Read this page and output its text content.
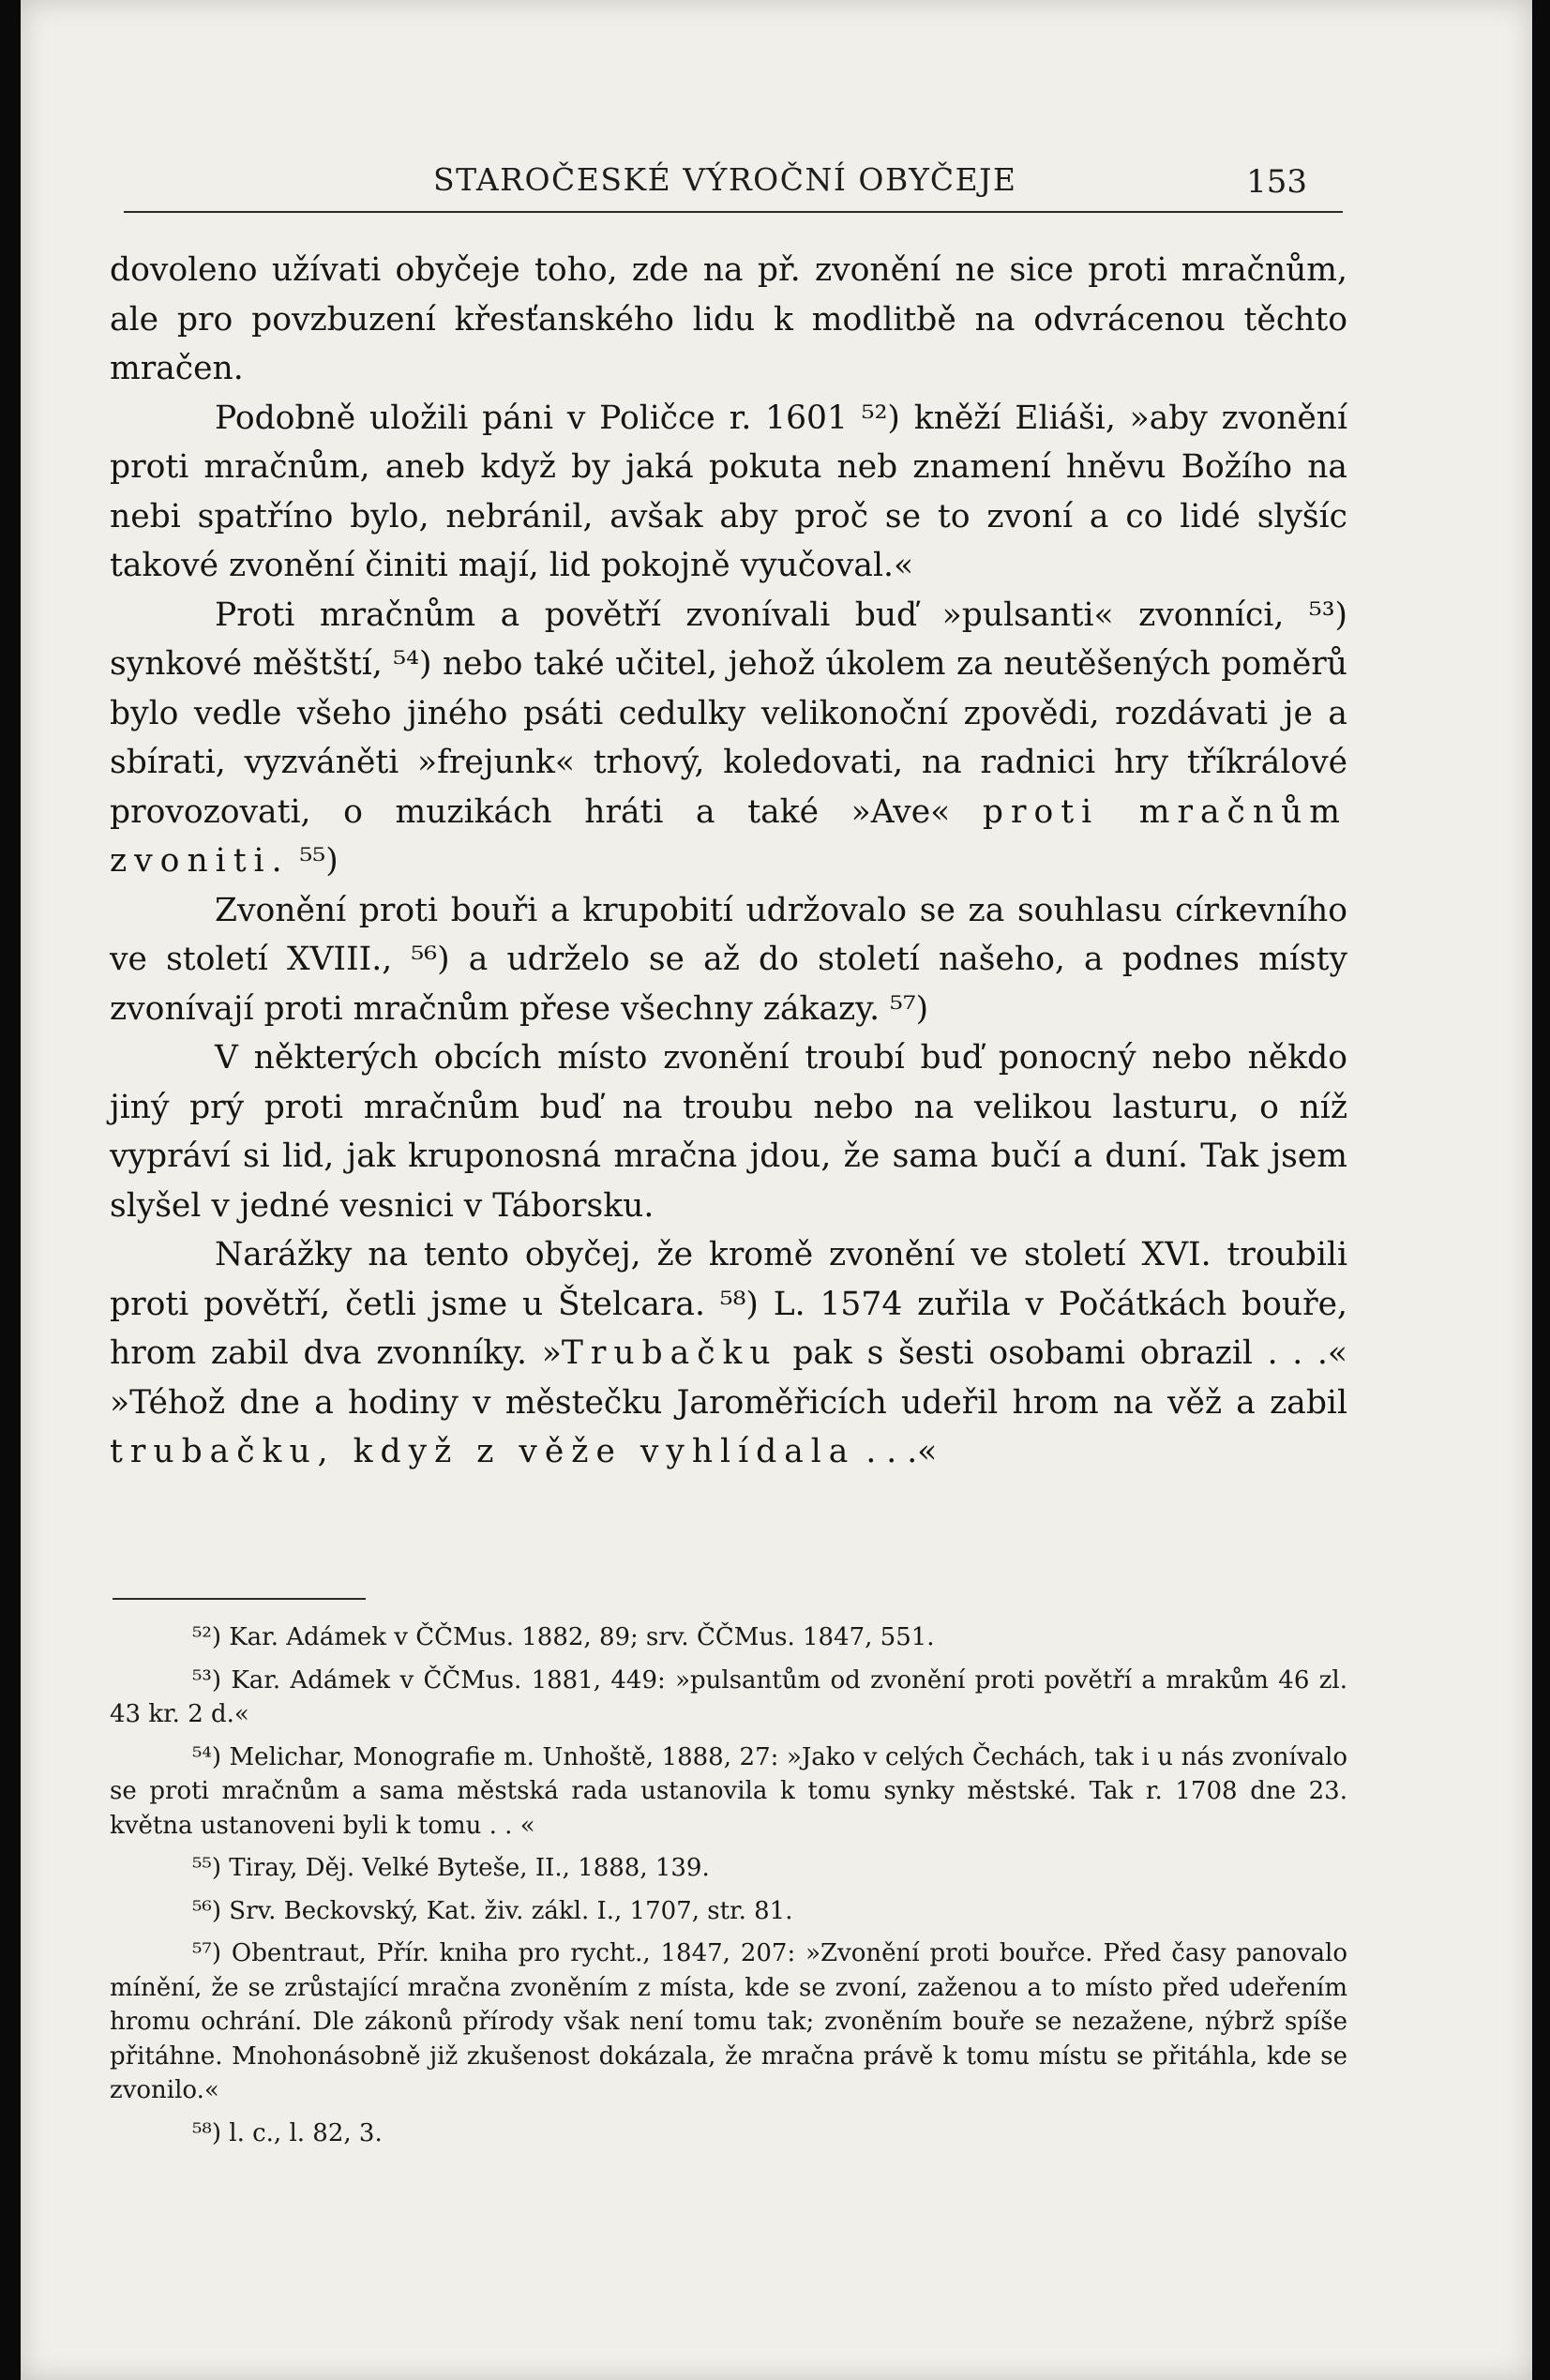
STAROČESKÉ VÝROČNÍ OBYČEJE	153

dovoleno užívati obyčeje toho, zde na př. zvonění ne sice proti mračnům, ale pro povzbuzení křesťanského lidu k modlitbě na odvrácenou těchto mračen.

Podobně uložili páni v Poličce r. 1601 ⁵²) kněží Eliáši, »aby zvonění proti mračnům, aneb když by jaká pokuta neb znamení hněvu Božího na nebi spatříno bylo, nebránil, avšak aby proč se to zvoní a co lidé slyšíc takové zvonění činiti mají, lid pokojně vyučoval.«

Proti mračnům a povětří zvonívali buď »pulsanti« zvonníci, ⁵³) synkové měštští, ⁵⁴) nebo také učitel, jehož úkolem za neutěšených poměrů bylo vedle všeho jiného psáti cedulky velikonoční zpovědi, rozdávati je a sbírati, vyzváněti »frejunk« trhový, koledovati, na radnici hry tříkrálové provozovati, o muzikách hráti a také »Ave« proti mračnům zvoniti. ⁵⁵)

Zvonění proti bouři a krupobití udržovalo se za souhlasu církevního ve století XVIII., ⁵⁶) a udrželo se až do století našeho, a podnes místy zvonívají proti mračnům přese všechny zákazy. ⁵⁷)

V některých obcích místo zvonění troubí buď ponocný nebo někdo jiný prý proti mračnům buď na troubu nebo na velikou lasturu, o níž vypráví si lid, jak kruponosná mračna jdou, že sama bučí a duní. Tak jsem slyšel v jedné vesnici v Táborsku.

Narážky na tento obyčej, že kromě zvonění ve století XVI. troubili proti povětří, četli jsme u Štelcara. ⁵⁸) L. 1574 zuřila v Počátkách bouře, hrom zabil dva zvonníky. »Trubačku pak s šesti osobami obrazil . . .« »Téhož dne a hodiny v městečku Jaroměřicích udeřil hrom na věž a zabil trubačku, když z věže vyhlídala . . .«

⁵²) Kar. Adámek v ČČMus. 1882, 89; srv. ČČMus. 1847, 551.

⁵³) Kar. Adámek v ČČMus. 1881, 449: »pulsantům od zvonění proti povětří a mrakům 46 zl. 43 kr. 2 d.«

⁵⁴) Melichar, Monografie m. Unhoště, 1888, 27: »Jako v celých Čechách, tak i u nás zvonívalo se proti mračnům a sama městská rada ustanovila k tomu synky městské. Tak r. 1708 dne 23. května ustanoveni byli k tomu . . «

⁵⁵) Tiray, Děj. Velké Byteše, II., 1888, 139.

⁵⁶) Srv. Beckovský, Kat. živ. zákl. I., 1707, str. 81.

⁵⁷) Obentraut, Přír. kniha pro rycht., 1847, 207: »Zvonění proti bouřce. Před časy panovalo mínění, že se zrůstající mračna zvoněním z místa, kde se zvoní, zaženou a to místo před udeřením hromu ochrání. Dle zákonů přírody však není tomu tak; zvoněním bouře se nezažene, nýbrž spíše přitáhne. Mnohonásobně již zkušenost dokázala, že mračna právě k tomu místu se přitáhla, kde se zvonilo.«

⁵⁸) l. c., l. 82, 3.
